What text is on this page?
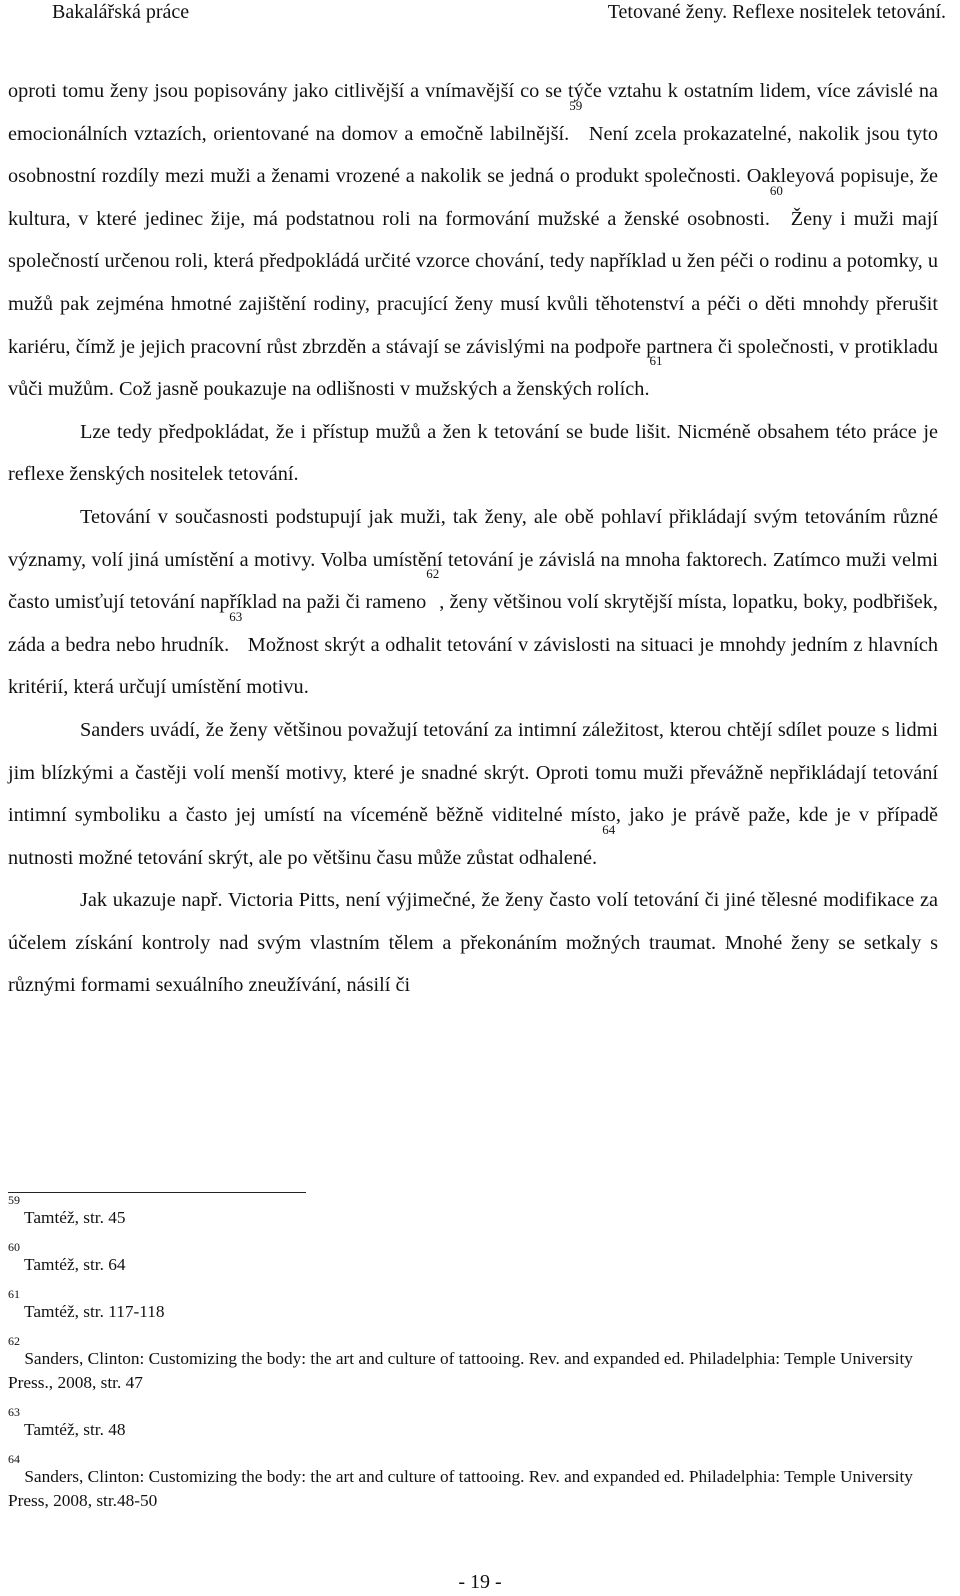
Bakalářská práce	Tetované ženy. Reflexe nositelek tetování.

oproti tomu ženy jsou popisovány jako citlivější a vnímavější co se týče vztahu k ostatním lidem, více závislé na emocionálních vztazích, orientované na domov a emočně labilnější.$^{59}$ Není zcela prokazatelné, nakolik jsou tyto osobnostní rozdíly mezi muži a ženami vrozené a nakolik se jedná o produkt společnosti. Oakleyová popisuje, že kultura, v které jedinec žije, má podstatnou roli na formování mužské a ženské osobnosti.$^{60}$ Ženy i muži mají společností určenou roli, která předpokládá určité vzorce chování, tedy například u žen péči o rodinu a potomky, u mužů pak zejména hmotné zajištění rodiny, pracující ženy musí kvůli těhotenství a péči o děti mnohdy přerušit kariéru, čímž je jejich pracovní růst zbrzděn a stávají se závislými na podpoře partnera či společnosti, v protikladu vůči mužům. Což jasně poukazuje na odlišnosti v mužských a ženských rolích.$^{61}$

Lze tedy předpokládat, že i přístup mužů a žen k tetování se bude lišit. Nicméně obsahem této práce je reflexe ženských nositelek tetování.

Tetování v současnosti podstupují jak muži, tak ženy, ale obě pohlaví přikládají svým tetováním různé významy, volí jiná umístění a motivy. Volba umístění tetování je závislá na mnoha faktorech. Zatímco muži velmi často umisťují tetování například na paži či rameno$^{62}$, ženy většinou volí skrytější místa, lopatku, boky, podbřišek, záda a bedra nebo hrudník.$^{63}$ Možnost skrýt a odhalit tetování v závislosti na situaci je mnohdy jedním z hlavních kritérií, která určují umístění motivu.

Sanders uvádí, že ženy většinou považují tetování za intimní záležitost, kterou chtějí sdílet pouze s lidmi jim blízkými a častěji volí menší motivy, které je snadné skrýt. Oproti tomu muži převážně nepřikládají tetování intimní symboliku a často jej umístí na víceméně běžně viditelné místo, jako je právě paže, kde je v případě nutnosti možné tetování skrýt, ale po většinu času může zůstat odhalené. $^{64}$

Jak ukazuje např. Victoria Pitts, není výjimečné, že ženy často volí tetování či jiné tělesné modifikace za účelem získání kontroly nad svým vlastním tělem a překonáním možných traumat. Mnohé ženy se setkaly s různými formami sexuálního zneužívání, násilí či

$^{59}$ Tamtéž, str. 45

$^{60}$ Tamtéž, str. 64

$^{61}$ Tamtéž, str. 117-118

$^{62}$ Sanders, Clinton: Customizing the body: the art and culture of tattooing. Rev. and expanded ed. Philadelphia: Temple University Press., 2008, str. 47

$^{63}$ Tamtéž, str. 48

$^{64}$ Sanders, Clinton: Customizing the body: the art and culture of tattooing. Rev. and expanded ed. Philadelphia: Temple University Press, 2008, str.48-50

- 19 -
